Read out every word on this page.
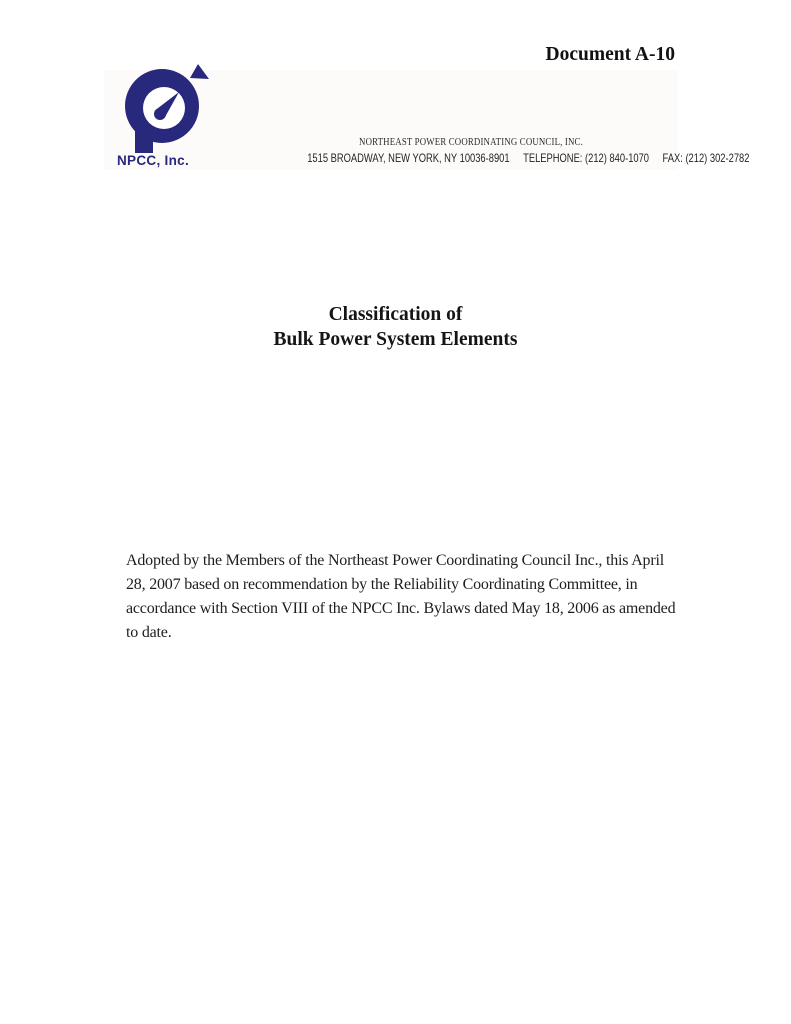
Document A-10
NPCC, Inc.
NORTHEAST POWER COORDINATING COUNCIL, INC.
1515 BROADWAY, NEW YORK, NY 10036-8901 TELEPHONE: (212) 840-1070 FAX: (212) 302-2782
Classification of
Bulk Power System Elements
Adopted by the Members of the Northeast Power Coordinating Council Inc., this April
28, 2007 based on recommendation by the Reliability Coordinating Committee, in
accordance with Section VIII of the NPCC Inc. Bylaws dated May 18, 2006 as amended
to date.
